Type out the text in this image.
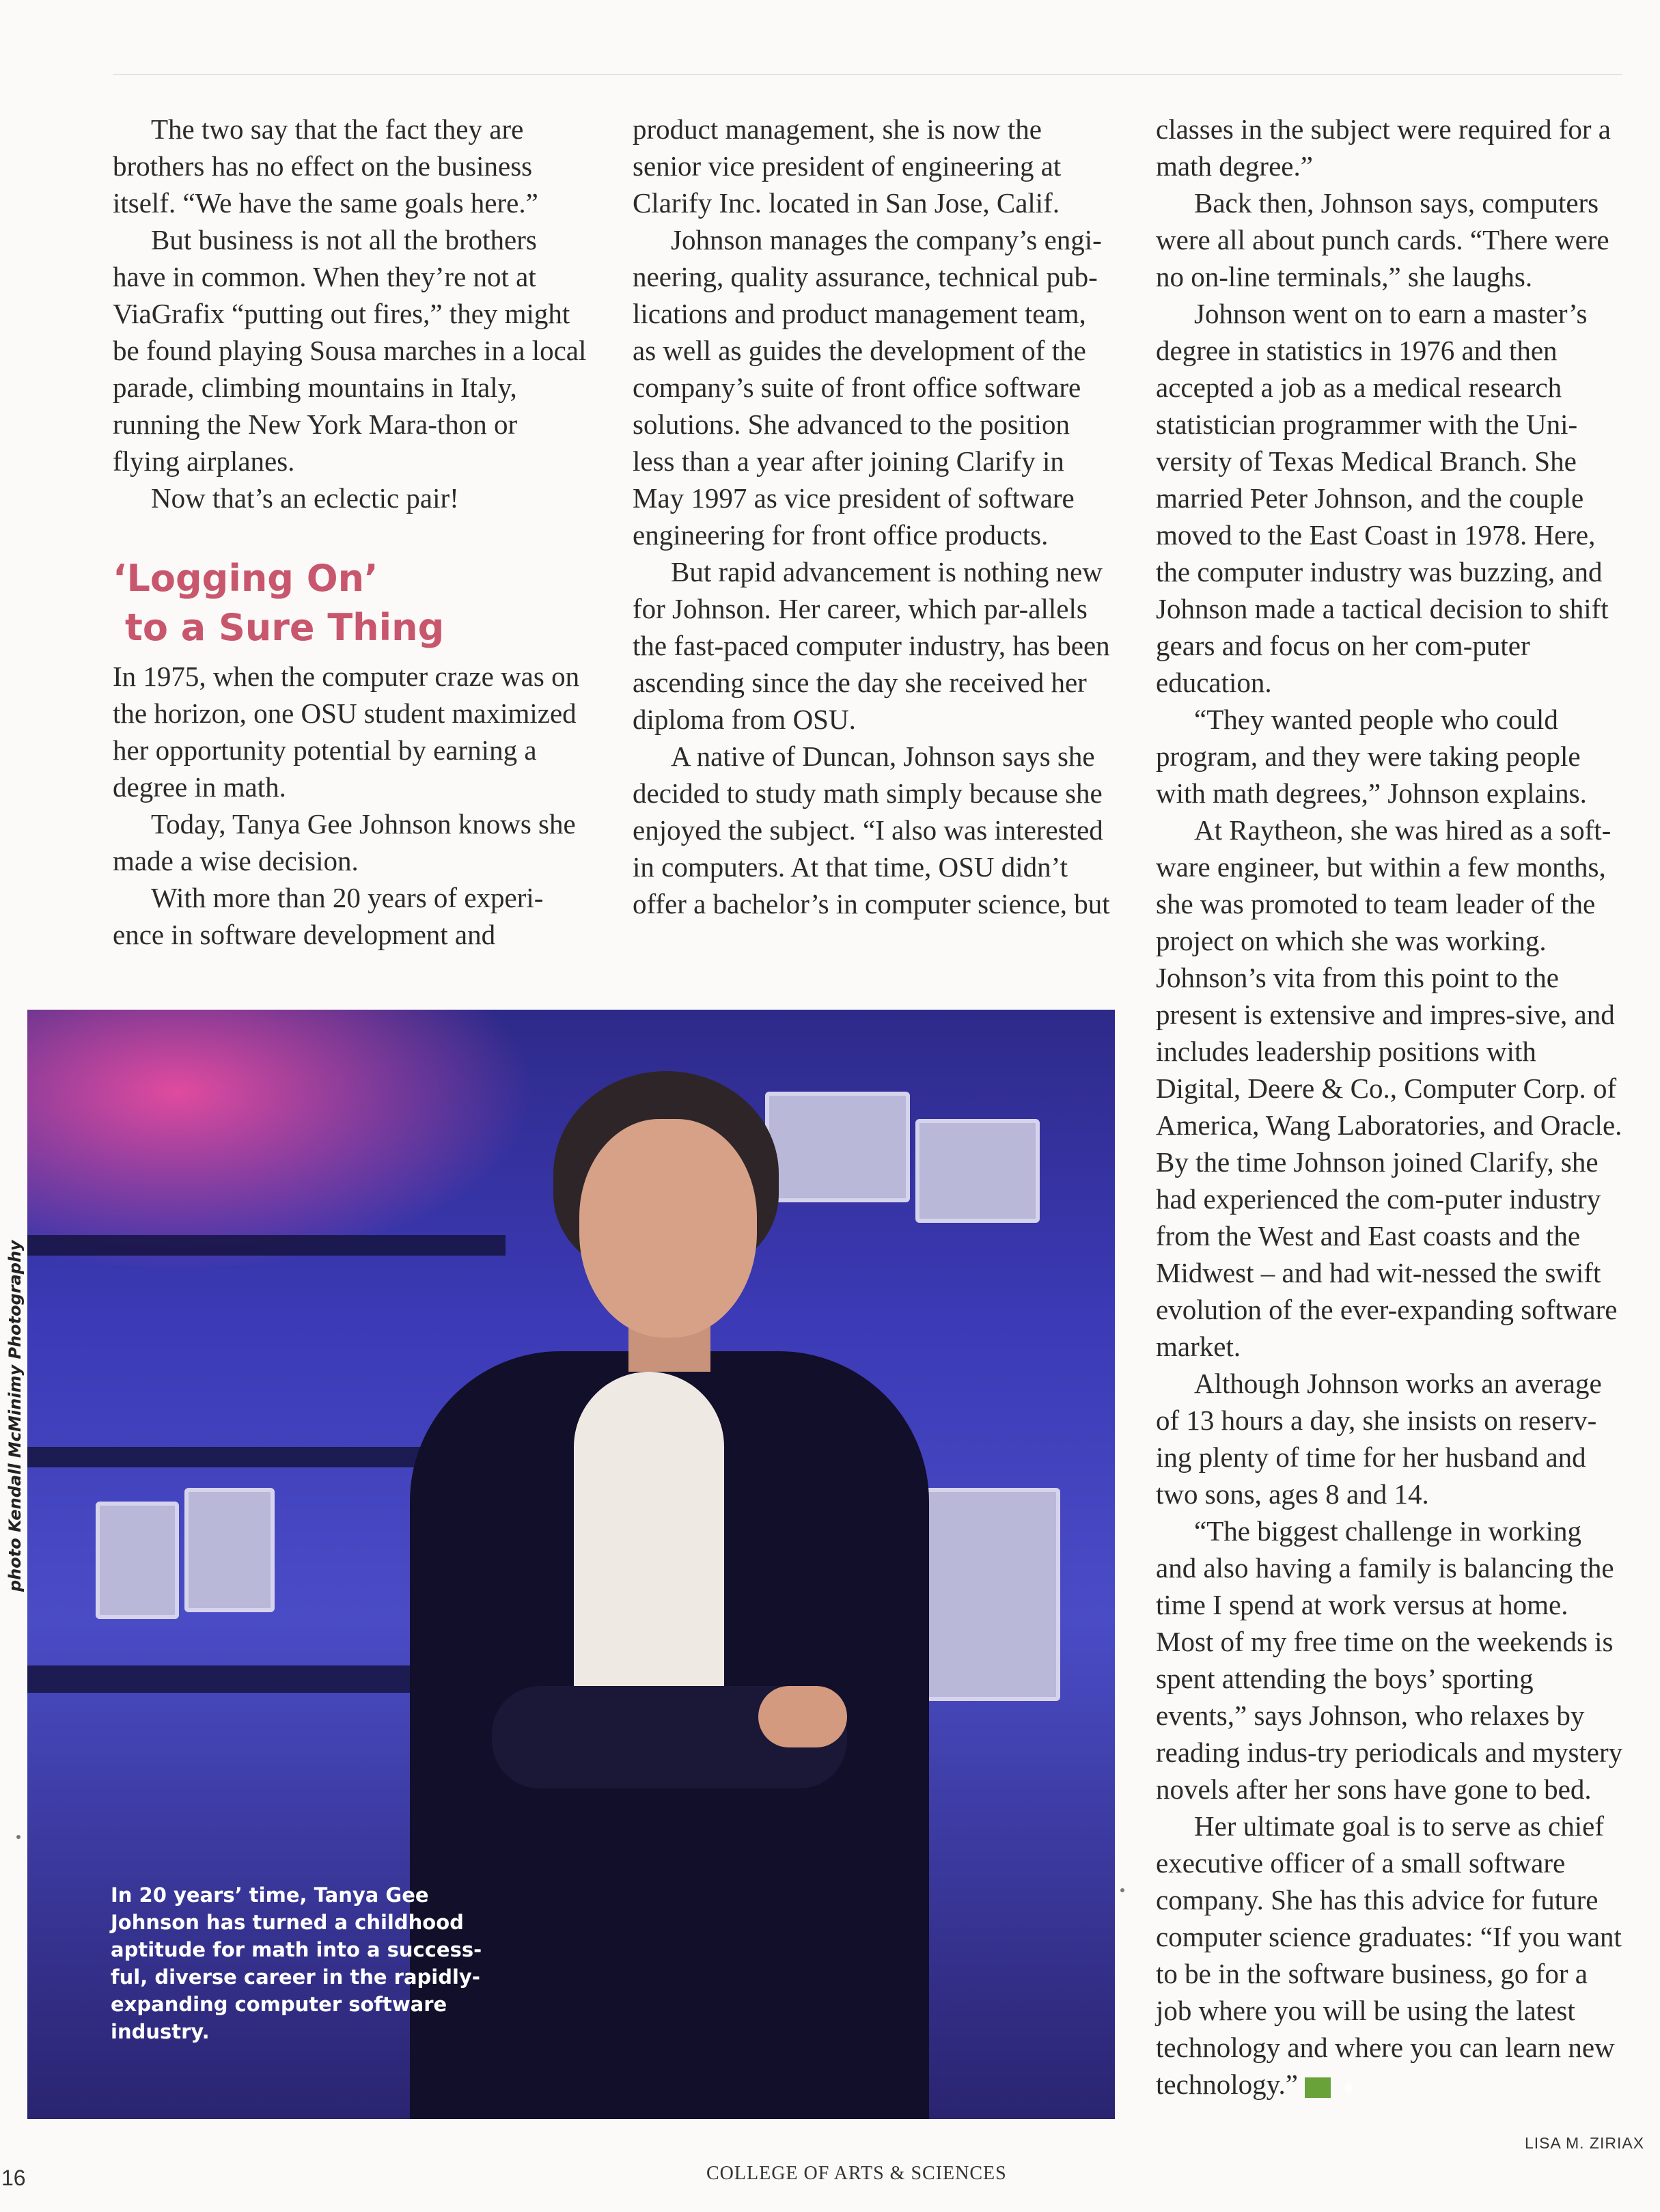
The two say that the fact they are brothers has no effect on the business itself. “We have the same goals here.”

But business is not all the brothers have in common. When they’re not at ViaGrafix “putting out fires,” they might be found playing Sousa marches in a local parade, climbing mountains in Italy, running the New York Mara-thon or flying airplanes.

Now that’s an eclectic pair!

‘Logging On’
to a Sure Thing

In 1975, when the computer craze was on the horizon, one OSU student maximized her opportunity potential by earning a degree in math.

Today, Tanya Gee Johnson knows she made a wise decision.

With more than 20 years of experi-ence in software development and

product management, she is now the senior vice president of engineering at Clarify Inc. located in San Jose, Calif.

Johnson manages the company’s engi-neering, quality assurance, technical pub-lications and product management team, as well as guides the development of the company’s suite of front office software solutions. She advanced to the position less than a year after joining Clarify in May 1997 as vice president of software engineering for front office products.

But rapid advancement is nothing new for Johnson. Her career, which par-allels the fast-paced computer industry, has been ascending since the day she received her diploma from OSU.

A native of Duncan, Johnson says she decided to study math simply because she enjoyed the subject. “I also was interested in computers. At that time, OSU didn’t offer a bachelor’s in computer science, but

classes in the subject were required for a math degree.”

Back then, Johnson says, computers were all about punch cards. “There were no on-line terminals,” she laughs.

Johnson went on to earn a master’s degree in statistics in 1976 and then accepted a job as a medical research statistician programmer with the Uni-versity of Texas Medical Branch. She married Peter Johnson, and the couple moved to the East Coast in 1978. Here, the computer industry was buzzing, and Johnson made a tactical decision to shift gears and focus on her com-puter education.

“They wanted people who could program, and they were taking people with math degrees,” Johnson explains.

At Raytheon, she was hired as a soft-ware engineer, but within a few months, she was promoted to team leader of the project on which she was working. Johnson’s vita from this point to the present is extensive and impres-sive, and includes leadership positions with Digital, Deere & Co., Computer Corp. of America, Wang Laboratories, and Oracle. By the time Johnson joined Clarify, she had experienced the com-puter industry from the West and East coasts and the Midwest – and had wit-nessed the swift evolution of the ever-expanding software market.

Although Johnson works an average of 13 hours a day, she insists on reserv-ing plenty of time for her husband and two sons, ages 8 and 14.

“The biggest challenge in working and also having a family is balancing the time I spend at work versus at home. Most of my free time on the weekends is spent attending the boys’ sporting events,” says Johnson, who relaxes by reading indus-try periodicals and mystery novels after her sons have gone to bed.

Her ultimate goal is to serve as chief executive officer of a small software company. She has this advice for future computer science graduates: “If you want to be in the software business, go for a job where you will be using the latest technology and where you can learn new technology.”	◈

photo Kendall McMinimy Photography
In 20 years’ time, Tanya Gee Johnson has turned a childhood aptitude for math into a success-ful, diverse career in the rapidly-expanding computer software industry.
LISA M. ZIRIAX
16	COLLEGE OF ARTS & SCIENCES
